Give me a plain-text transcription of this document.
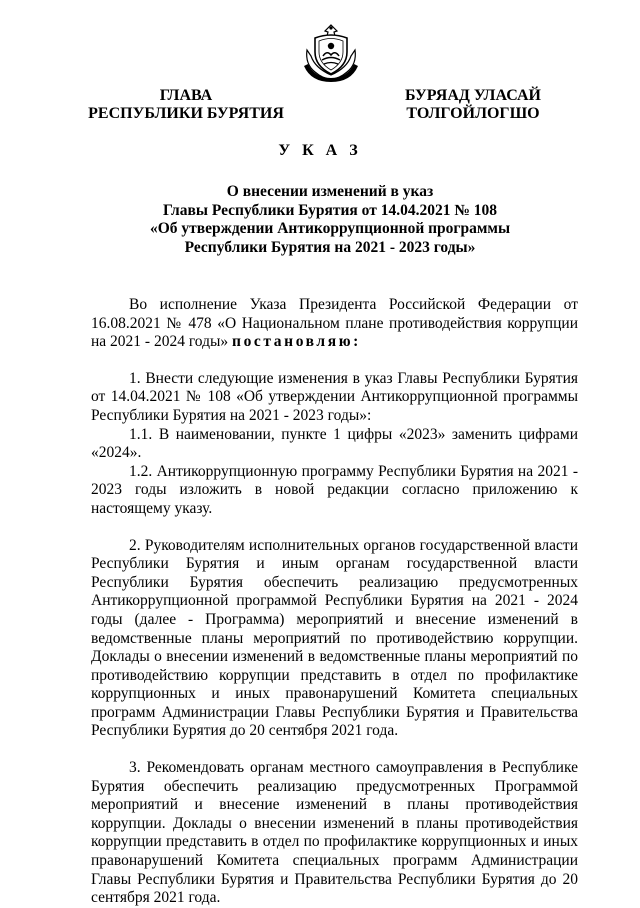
ГЛАВА
РЕСПУБЛИКИ БУРЯТИЯ
БУРЯАД УЛАСАЙ
ТОЛГОЙЛОГШО
У К А З
О внесении изменений в указ
Главы Республики Бурятия от 14.04.2021 № 108
«Об утверждении Антикоррупционной программы
Республики Бурятия на 2021 - 2023 годы»

Во исполнение Указа Президента Российской Федерации от 16.08.2021 № 478 «О Национальном плане противодействия коррупции на 2021 - 2024 годы» постановляю:

1. Внести следующие изменения в указ Главы Республики Бурятия от 14.04.2021 № 108 «Об утверждении Антикоррупционной программы Республики Бурятия на 2021 - 2023 годы»:

1.1. В наименовании, пункте 1 цифры «2023» заменить цифрами «2024».

1.2. Антикоррупционную программу Республики Бурятия на 2021 - 2023 годы изложить в новой редакции согласно приложению к настоящему указу.

2. Руководителям исполнительных органов государственной власти Республики Бурятия и иным органам государственной власти Республики Бурятия обеспечить реализацию предусмотренных Антикоррупционной программой Республики Бурятия на 2021 - 2024 годы (далее - Программа) мероприятий и внесение изменений в ведомственные планы мероприятий по противодействию коррупции. Доклады о внесении изменений в ведомственные планы мероприятий по противодействию коррупции представить в отдел по профилактике коррупционных и иных правонарушений Комитета специальных программ Администрации Главы Республики Бурятия и Правительства Республики Бурятия до 20 сентября 2021 года.

3. Рекомендовать органам местного самоуправления в Республике Бурятия обеспечить реализацию предусмотренных Программой мероприятий и внесение изменений в планы противодействия коррупции. Доклады о внесении изменений в планы противодействия коррупции представить в отдел по профилактике коррупционных и иных правонарушений Комитета специальных программ Администрации Главы Республики Бурятия и Правительства Республики Бурятия до 20 сентября 2021 года.
